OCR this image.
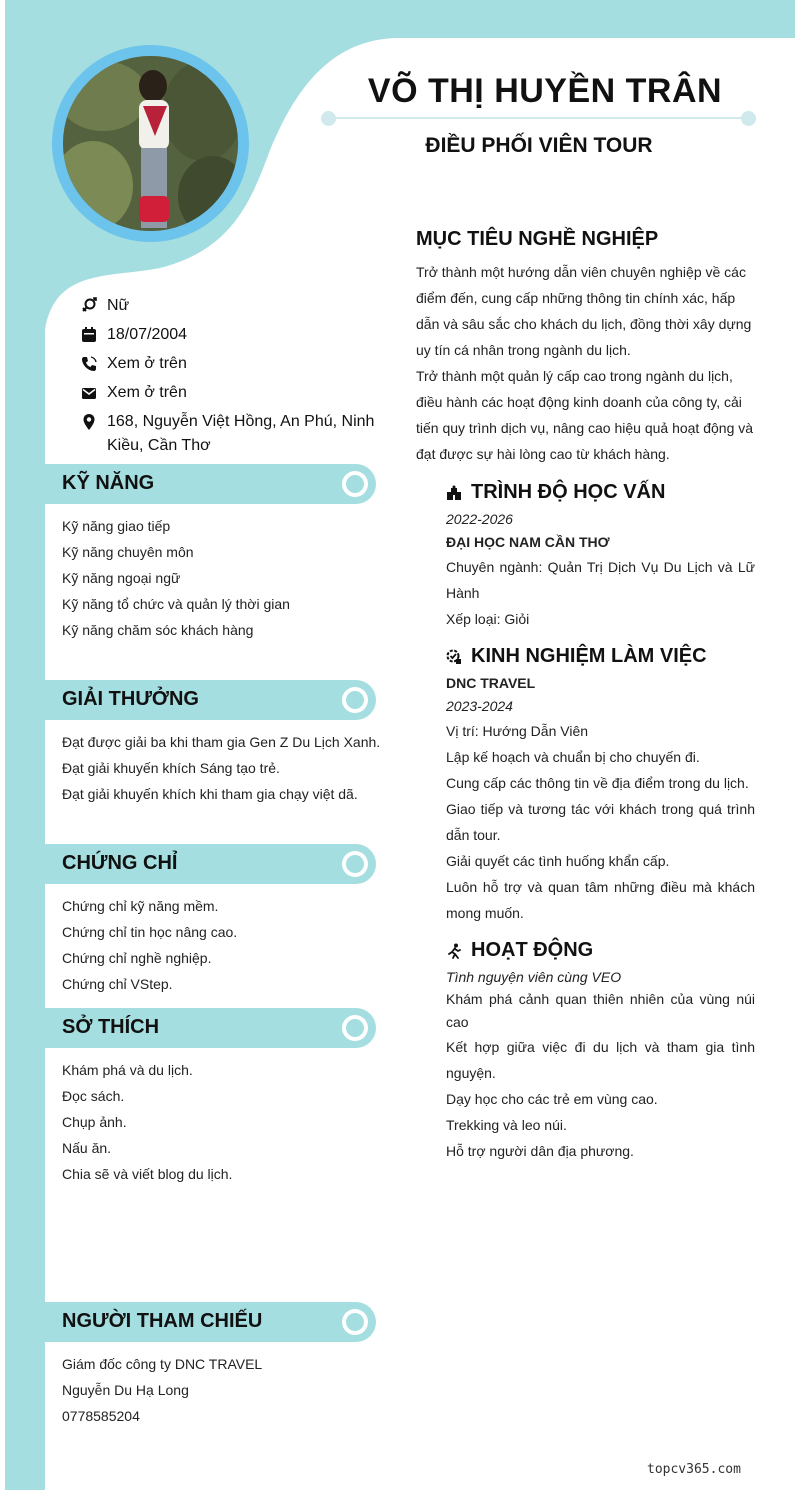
VÕ THỊ HUYỀN TRÂN
ĐIỀU PHỐI VIÊN TOUR
Nữ
18/07/2004
Xem ở trên
Xem ở trên
168, Nguyễn Việt Hồng, An Phú, Ninh
Kiều, Cần Thơ
KỸ NĂNG
Kỹ năng giao tiếp
Kỹ năng chuyên môn
Kỹ năng ngoại ngữ
Kỹ năng tổ chức và quản lý thời gian
Kỹ năng chăm sóc khách hàng
GIẢI THƯỞNG
Đạt được giải ba khi tham gia Gen Z Du Lịch Xanh.
Đạt giải khuyến khích Sáng tạo trẻ.
Đạt giải khuyến khích khi tham gia chạy việt dã.
CHỨNG CHỈ
Chứng chỉ kỹ năng mềm.
Chứng chỉ tin học nâng cao.
Chứng chỉ nghề nghiệp.
Chứng chỉ VStep.
SỞ THÍCH
Khám phá và du lịch.
Đọc sách.
Chụp ảnh.
Nấu ăn.
Chia sẽ và viết blog du lịch.
NGƯỜI THAM CHIẾU
Giám đốc công ty DNC TRAVEL
Nguyễn Du Hạ Long
0778585204
MỤC TIÊU NGHỀ NGHIỆP
Trở thành một hướng dẫn viên chuyên nghiệp về các
điểm đến, cung cấp những thông tin chính xác, hấp
dẫn và sâu sắc cho khách du lịch, đồng thời xây dựng
uy tín cá nhân trong ngành du lịch.
Trở thành một quản lý cấp cao trong ngành du lịch,
điều hành các hoạt động kinh doanh của công ty, cải
tiến quy trình dịch vụ, nâng cao hiệu quả hoạt động và
đạt được sự hài lòng cao từ khách hàng.
TRÌNH ĐỘ HỌC VẤN
2022-2026
ĐẠI HỌC NAM CẦN THƠ
Chuyên ngành: Quản Trị Dịch Vụ Du Lịch và Lữ Hành
Xếp loại: Giỏi
KINH NGHIỆM LÀM VIỆC
DNC TRAVEL
2023-2024
Vị trí: Hướng Dẫn Viên
Lập kế hoạch và chuẩn bị cho chuyến đi.
Cung cấp các thông tin về địa điểm trong du lịch.
Giao tiếp và tương tác với khách trong quá trình dẫn tour.
Giải quyết các tình huống khẩn cấp.
Luôn hỗ trợ và quan tâm những điều mà khách mong muốn.
HOẠT ĐỘNG
Tình nguyện viên cùng VEO
Khám phá cảnh quan thiên nhiên của vùng núi cao
Kết hợp giữa việc đi du lịch và tham gia tình nguyện.
Dạy học cho các trẻ em vùng cao.
Trekking và leo núi.
Hỗ trợ người dân địa phương.
topcv365.com
